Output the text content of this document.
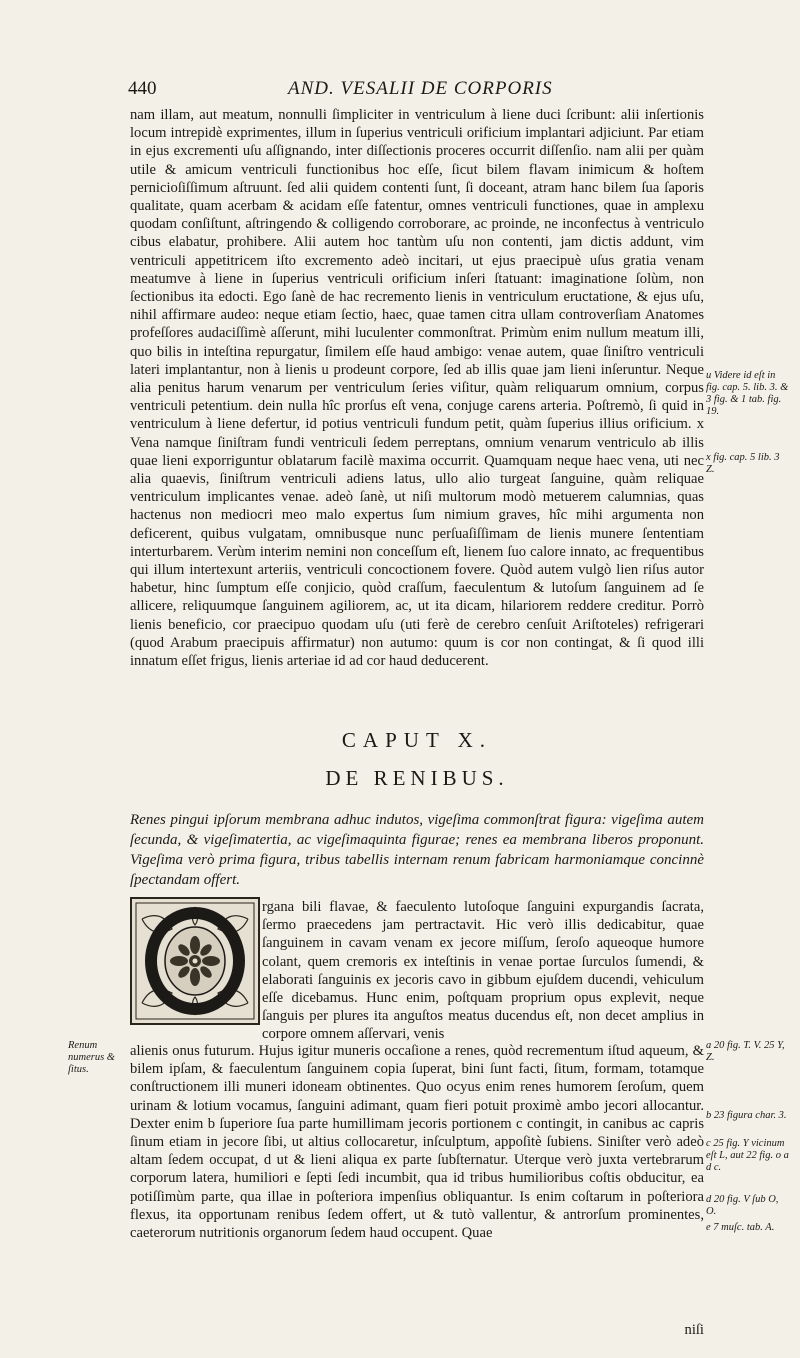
440	AND. VESALII DE CORPORIS

nam illam, aut meatum, nonnulli ſimpliciter in ventriculum à liene duci ſcribunt: alii inſertionis locum intrepidè exprimentes, illum in ſuperius ventriculi orificium implantari adjiciunt. Par etiam in ejus excrementi uſu aſſignando, inter diſſectionis proceres occurrit diſſenſio. nam alii per quàm utile & amicum ventriculi functionibus hoc eſſe, ſicut bilem flavam inimicum & hoſtem pernicioſiſſimum aſtruunt. ſed alii quidem contenti ſunt, ſi doceant, atram hanc bilem ſua ſaporis qualitate, quam acerbam & acidam eſſe fatentur, omnes ventriculi functiones, quae in amplexu quodam conſiſtunt, aſtringendo & colligendo corroborare, ac proinde, ne inconfectus à ventriculo cibus elabatur, prohibere. Alii autem hoc tantùm uſu non contenti, jam dictis addunt, vim ventriculi appetitricem iſto excremento adeò incitari, ut ejus praecipuè uſus gratia venam meatumve à liene in ſuperius ventriculi orificium inſeri ſtatuant: imaginatione ſolùm, non ſectionibus ita edocti. Ego ſanè de hac recremento lienis in ventriculum eructatione, & ejus uſu, nihil affirmare audeo: neque etiam ſectio, haec, quae tamen citra ullam controverſiam Anatomes profeſſores audaciſſimè aſſerunt, mihi luculenter commonſtrat. Primùm enim nullum meatum illi, quo bilis in inteſtina repurgatur, ſimilem eſſe haud ambigo: venae autem, quae ſiniſtro ventriculi lateri implantantur, non à lienis u prodeunt corpore, ſed ab illis quae jam lieni inſeruntur. Neque alia penitus harum venarum per ventriculum ſeries viſitur, quàm reliquarum omnium, corpus ventriculi petentium. dein nulla hîc prorſus eſt vena, conjuge carens arteria. Poſtremò, ſi quid in ventriculum à liene defertur, id potius ventriculi fundum petit, quàm ſuperius illius orificium. x Vena namque ſiniſtram fundi ventriculi ſedem perreptans, omnium venarum ventriculo ab illis quae lieni exporriguntur oblatarum facilè maxima occurrit. Quamquam neque haec vena, uti nec alia quaevis, ſiniſtrum ventriculi adiens latus, ullo alio turgeat ſanguine, quàm reliquae ventriculum implicantes venae. adeò ſanè, ut niſi multorum modò metuerem calumnias, quas hactenus non mediocri meo malo expertus ſum nimium graves, hîc mihi argumenta non deficerent, quibus vulgatam, omnibusque nunc perſuaſiſſimam de lienis munere ſententiam interturbarem. Verùm interim nemini non conceſſum eſt, lienem ſuo calore innato, ac frequentibus qui illum intertexunt arteriis, ventriculi concoctionem fovere. Quòd autem vulgò lien riſus autor habetur, hinc ſumptum eſſe conjicio, quòd craſſum, faeculentum & lutoſum ſanguinem ad ſe allicere, reliquumque ſanguinem agiliorem, ac, ut ita dicam, hilariorem reddere creditur. Porrò lienis beneficio, cor praecipuo quodam uſu (uti ferè de cerebro cenſuit Ariſtoteles) refrigerari (quod Arabum praecipuis affirmatur) non autumo: quum is cor non contingat, & ſi quod illi innatum eſſet frigus, lienis arteriae id ad cor haud deducerent.

u Videre id eſt in fig. cap. 5. lib. 3. & 3 fig. & 1 tab. fig. 19.
x fig. cap. 5 lib. 3 Z.
CAPUT X.
DE RENIBUS.
Renes pingui ipſorum membrana adhuc indutos, vigeſima commonſtrat figura: vigeſima autem ſecunda, & vigeſimatertia, ac vigeſimaquinta figurae; renes ea membrana liberos proponunt. Vigeſima verò prima figura, tribus tabellis internam renum fabricam harmoniamque concinnè ſpectandam offert.
rgana bili flavae, & faeculento lutoſoque ſanguini expurgandis ſacrata, ſermo praecedens jam pertractavit. Hic verò illis dedicabitur, quae ſanguinem in cavam venam ex jecore miſſum, ſeroſo aqueoque humore colant, quem cremoris ex inteſtinis in venae portae ſurculos ſumendi, & elaborati ſanguinis ex jecoris cavo in gibbum ejuſdem ducendi, vehiculum eſſe dicebamus. Hunc enim, poſtquam proprium opus explevit, neque ſanguis per plures ita anguſtos meatus ducendus eſt, non decet amplius in corpore omnem aſſervari, venis
alienis onus futurum. Hujus igitur muneris occaſione a renes, quòd recrementum iſtud aqueum, & bilem ipſam, & faeculentum ſanguinem copia ſuperat, bini ſunt facti, ſitum, formam, totamque conſtructionem illi muneri idoneam obtinentes. Quo ocyus enim renes humorem ſeroſum, quem urinam & lotium vocamus, ſanguini adimant, quam fieri potuit proximè ambo jecori allocantur. Dexter enim b ſuperiore ſua parte humillimam jecoris portionem c contingit, in canibus ac capris ſinum etiam in jecore ſibi, ut altius collocaretur, inſculptum, appoſitè ſubiens. Siniſter verò adeò altam ſedem occupat, d ut & lieni aliqua ex parte ſubſternatur. Uterque verò juxta vertebrarum corporum latera, humiliori e ſepti ſedi incumbit, qua id tribus humilioribus coſtis obducitur, ea potiſſimùm parte, qua illae in poſteriora impenſius obliquantur. Is enim coſtarum in poſteriora flexus, ita opportunam renibus ſedem offert, ut & tutò vallentur, & antrorſum prominentes, caeterorum nutritionis organorum ſedem haud occupent. Quae
Renum numerus & ſitus.
a 20 fig. T. V. 25 Y, Z.
b 23 figura char. 3.
c 25 fig. Y vicinum eſt L, aut 22 fig. o a d c.
d 20 fig. V ſub O, O.
e 7 muſc. tab. A.
niſi
